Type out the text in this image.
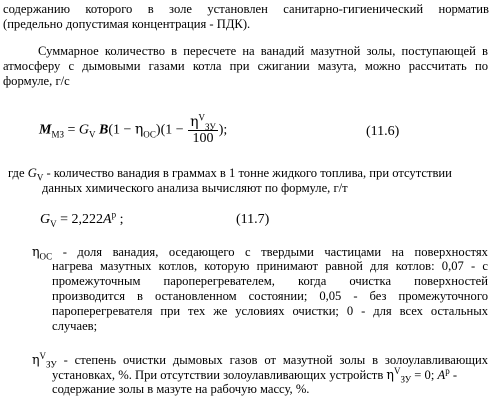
содержанию которого в золе установлен санитарно-гигиенический норматив
(предельно допустимая концентрация - ПДК).
Суммарное количество в пересчете на ванадий мазутной золы, поступающей в
атмосферу с дымовыми газами котла при сжигании мазута, можно рассчитать по
формуле, г/с
$M_{МЗ} = G_V$ $B(1 - \eta_{ОС})(1 - \frac{\eta^V_{ЗУ}}{100}$ );	(11.6)
где $G_V$ - количество ванадия в граммах в 1 тонне жидкого топлива, при отсутствии
данных химического анализа вычисляют по формуле, г/т
$G_V = 2,222A^р$ ;	(11.7)
$\eta_{ОС}$ - доля ванадия, оседающего с твердыми частицами на поверхностях
нагрева мазутных котлов, которую принимают равной для котлов: 0,07 - с
промежуточным пароперегревателем, когда очистка поверхностей
производится в остановленном состоянии; 0,05 - без промежуточного
пароперегревателя при тех же условиях очистки; 0 - для всех остальных
случаев;
$\eta^V_{ЗУ}$ - степень очистки дымовых газов от мазутной золы в золоулавливающих
установках, %. При отсутствии золоулавливающих устройств $\eta^V_{ЗУ} = 0$; $A^р$ -
содержание золы в мазуте на рабочую массу, %.
